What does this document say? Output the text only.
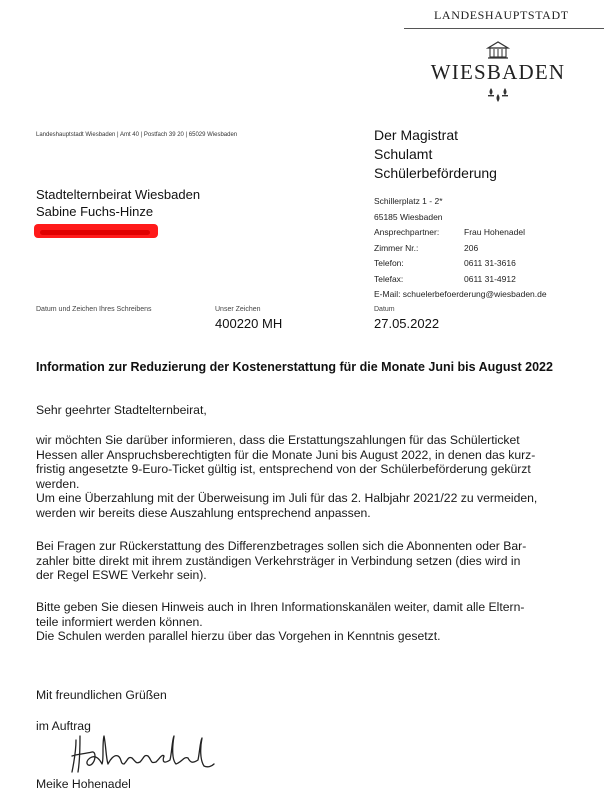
LANDESHAUPTSTADT
WIESBADEN
Landeshauptstadt Wiesbaden | Amt 40 | Postfach 39 20 | 65029 Wiesbaden	Der Magistrat
Schulamt
Schülerbeförderung
Stadtelternbeirat Wiesbaden
Sabine Fuchs-Hinze
Schillerplatz 1 - 2*
65185 Wiesbaden
Ansprechpartner:	Frau Hohenadel
Zimmer Nr.:	206
Telefon:	0611 31-3616
Telefax:	0611 31-4912
E-Mail: schuelerbefoerderung@wiesbaden.de
Datum und Zeichen Ihres Schreibens	Unser Zeichen
400220 MH
Datum
27.05.2022
Information zur Reduzierung der Kostenerstattung für die Monate Juni bis August 2022
Sehr geehrter Stadtelternbeirat,
wir möchten Sie darüber informieren, dass die Erstattungszahlungen für das Schülerticket
Hessen aller Anspruchsberechtigten für die Monate Juni bis August 2022, in denen das kurz-
fristig angesetzte 9-Euro-Ticket gültig ist, entsprechend von der Schülerbeförderung gekürzt
werden.
Um eine Überzahlung mit der Überweisung im Juli für das 2. Halbjahr 2021/22 zu vermeiden,
werden wir bereits diese Auszahlung entsprechend anpassen.
Bei Fragen zur Rückerstattung des Differenzbetrages sollen sich die Abonnenten oder Bar-
zahler bitte direkt mit ihrem zuständigen Verkehrsträger in Verbindung setzen (dies wird in
der Regel ESWE Verkehr sein).
Bitte geben Sie diesen Hinweis auch in Ihren Informationskanälen weiter, damit alle Eltern-
teile informiert werden können.
Die Schulen werden parallel hierzu über das Vorgehen in Kenntnis gesetzt.
Mit freundlichen Grüßen
im Auftrag
Meike Hohenadel
